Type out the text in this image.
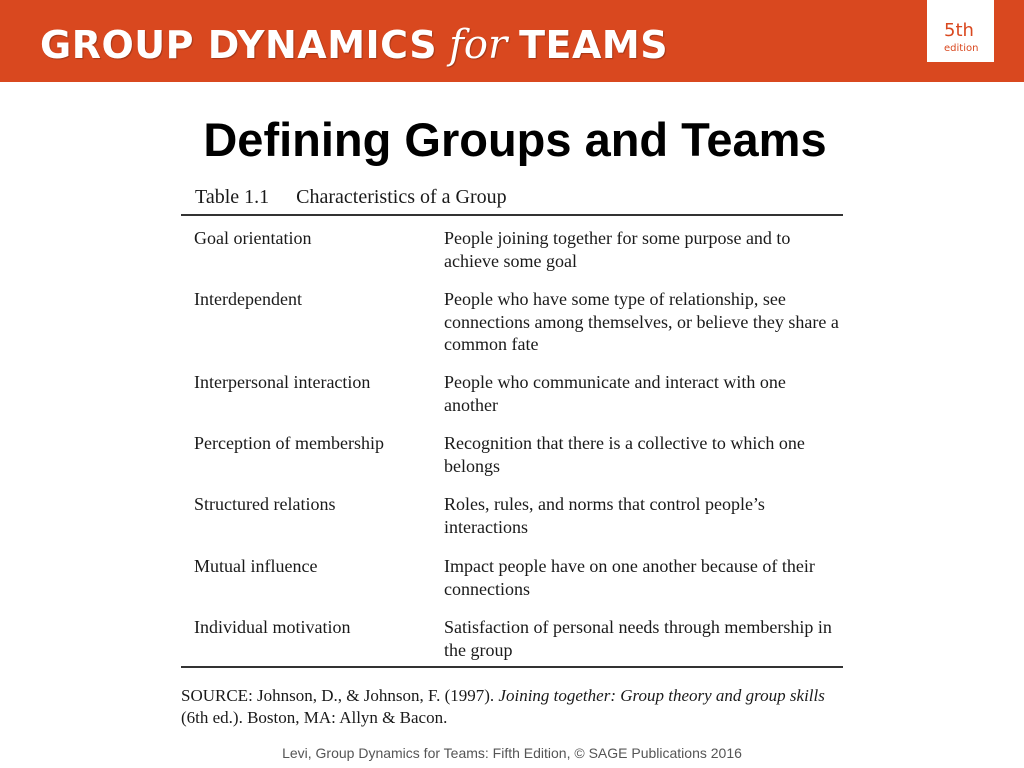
GROUP DYNAMICS for TEAMS	5th
edition
Defining Groups and Teams
Table 1.1 Characteristics of a Group
Goal orientation	People joining together for some purpose and to achieve some goal
Interdependent	People who have some type of relationship, see connections among themselves, or believe they share a common fate
Interpersonal interaction	People who communicate and interact with one another
Perception of membership	Recognition that there is a collective to which one belongs
Structured relations	Roles, rules, and norms that control people’s interactions
Mutual influence	Impact people have on one another because of their connections
Individual motivation	Satisfaction of personal needs through membership in the group
SOURCE: Johnson, D., & Johnson, F. (1997). Joining together: Group theory and group skills (6th ed.). Boston, MA: Allyn & Bacon.
Levi, Group Dynamics for Teams: Fifth Edition, © SAGE Publications 2016
